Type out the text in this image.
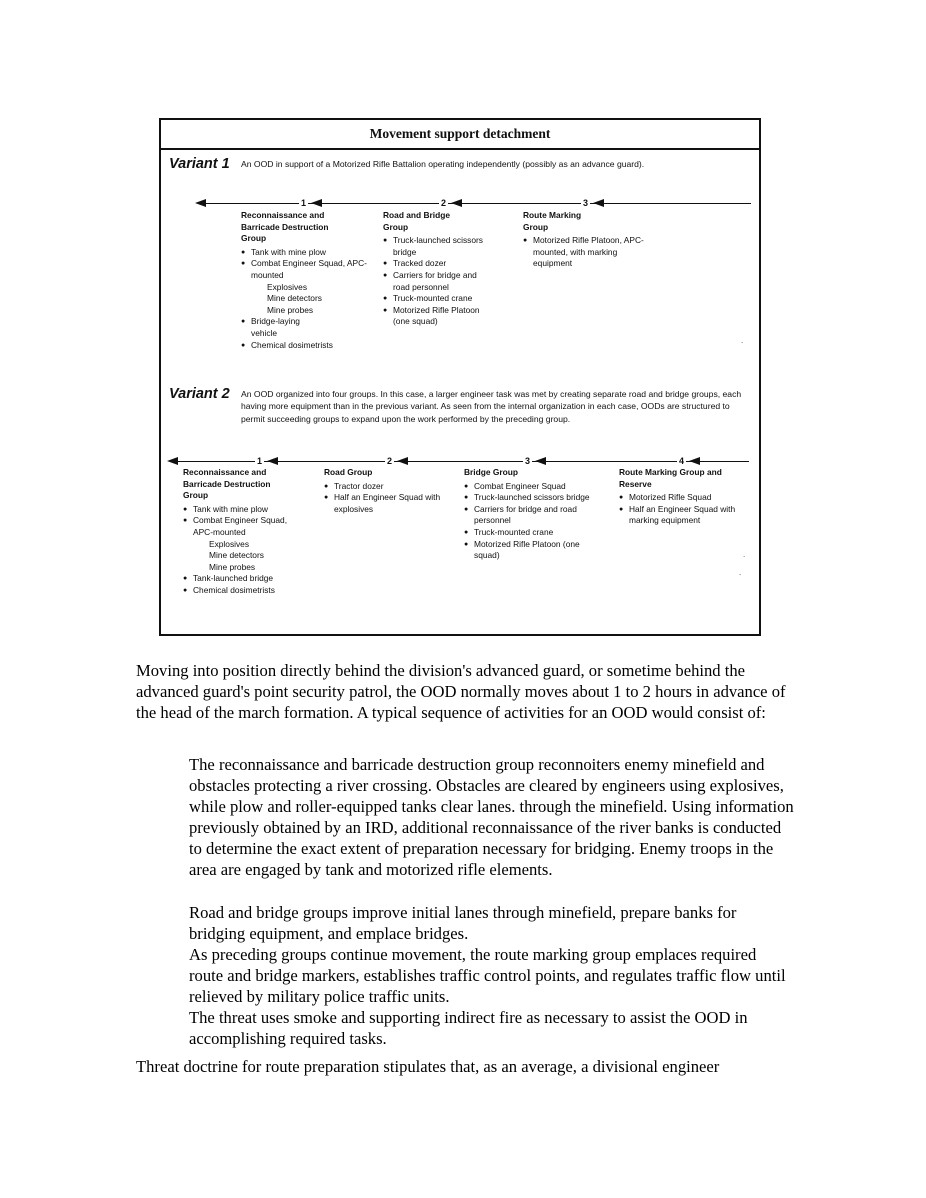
Movement support detachment
Variant 1 An OOD in support of a Motorized Rifle Battalion operating independently (possibly as an advance guard).
1	2	3
Reconnaissance and Barricade Destruction Group
● Tank with mine plow
● Combat Engineer Squad, APC-mounted
Explosives
Mine detectors
Mine probes
● Bridge-laying vehicle
● Chemical dosimetrists
Road and Bridge Group
● Truck-launched scissors bridge
● Tracked dozer
● Carriers for bridge and road personnel
● Truck-mounted crane
● Motorized Rifle Platoon (one squad)
Route Marking Group
● Motorized Rifle Platoon, APC-mounted, with marking equipment
Variant 2 An OOD organized into four groups. In this case, a larger engineer task was met by creating separate road and bridge groups, each having more equipment than in the previous variant. As seen from the internal organization in each case, OODs are structured to permit succeeding groups to expand upon the work performed by the preceding group.
1	2	3	4
Reconnaissance and Barricade Destruction Group
● Tank with mine plow
● Combat Engineer Squad, APC-mounted
Explosives
Mine detectors
Mine probes
● Tank-launched bridge
● Chemical dosimetrists
Road Group
● Tractor dozer
● Half an Engineer Squad with explosives
Bridge Group
● Combat Engineer Squad
● Truck-launched scissors bridge
● Carriers for bridge and road personnel
● Truck-mounted crane
● Motorized Rifle Platoon (one squad)
Route Marking Group and Reserve
● Motorized Rifle Squad
● Half an Engineer Squad with marking equipment
.
.
.

Moving into position directly behind the division's advanced guard, or sometime behind the advanced guard's point security patrol, the OOD normally moves about 1 to 2 hours in advance of the head of the march formation. A typical sequence of activities for an OOD would consist of:

The reconnaissance and barricade destruction group reconnoiters enemy minefield and obstacles protecting a river crossing. Obstacles are cleared by engineers using explosives, while plow and roller-equipped tanks clear lanes. through the minefield. Using information previously obtained by an IRD, additional reconnaissance of the river banks is conducted to determine the exact extent of preparation necessary for bridging. Enemy troops in the area are engaged by tank and motorized rifle elements.

Road and bridge groups improve initial lanes through minefield, prepare banks for bridging equipment, and emplace bridges.

As preceding groups continue movement, the route marking group emplaces required route and bridge markers, establishes traffic control points, and regulates traffic flow until relieved by military police traffic units.

The threat uses smoke and supporting indirect fire as necessary to assist the OOD in accomplishing required tasks.

Threat doctrine for route preparation stipulates that, as an average, a divisional engineer
